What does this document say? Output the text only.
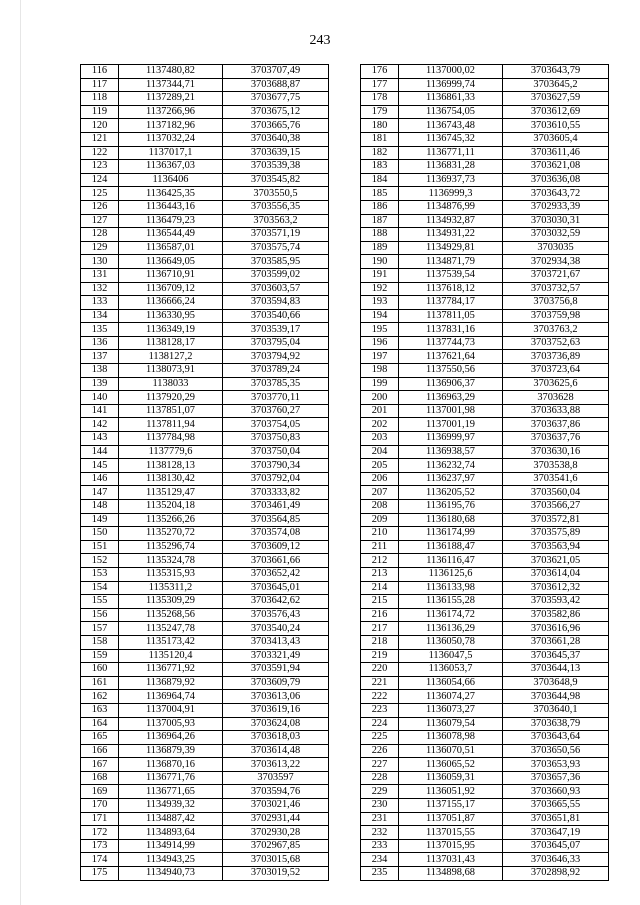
243
116	1137480,82	3703707,49
117	1137344,71	3703688,87
118	1137289,21	3703677,75
119	1137266,96	3703675,12
120	1137182,96	3703665,76
121	1137032,24	3703640,38
122	1137017,1	3703639,15
123	1136367,03	3703539,38
124	1136406	3703545,82
125	1136425,35	3703550,5
126	1136443,16	3703556,35
127	1136479,23	3703563,2
128	1136544,49	3703571,19
129	1136587,01	3703575,74
130	1136649,05	3703585,95
131	1136710,91	3703599,02
132	1136709,12	3703603,57
133	1136666,24	3703594,83
134	1136330,95	3703540,66
135	1136349,19	3703539,17
136	1138128,17	3703795,04
137	1138127,2	3703794,92
138	1138073,91	3703789,24
139	1138033	3703785,35
140	1137920,29	3703770,11
141	1137851,07	3703760,27
142	1137811,94	3703754,05
143	1137784,98	3703750,83
144	1137779,6	3703750,04
145	1138128,13	3703790,34
146	1138130,42	3703792,04
147	1135129,47	3703333,82
148	1135204,18	3703461,49
149	1135266,26	3703564,85
150	1135270,72	3703574,08
151	1135296,74	3703609,12
152	1135324,78	3703661,66
153	1135315,93	3703652,42
154	1135311,2	3703645,01
155	1135309,29	3703642,62
156	1135268,56	3703576,43
157	1135247,78	3703540,24
158	1135173,42	3703413,43
159	1135120,4	3703321,49
160	1136771,92	3703591,94
161	1136879,92	3703609,79
162	1136964,74	3703613,06
163	1137004,91	3703619,16
164	1137005,93	3703624,08
165	1136964,26	3703618,03
166	1136879,39	3703614,48
167	1136870,16	3703613,22
168	1136771,76	3703597
169	1136771,65	3703594,76
170	1134939,32	3703021,46
171	1134887,42	3702931,44
172	1134893,64	3702930,28
173	1134914,99	3702967,85
174	1134943,25	3703015,68
175	1134940,73	3703019,52
176	1137000,02	3703643,79
177	1136999,74	3703645,2
178	1136861,33	3703627,59
179	1136754,05	3703612,69
180	1136743,48	3703610,55
181	1136745,32	3703605,4
182	1136771,11	3703611,46
183	1136831,28	3703621,08
184	1136937,73	3703636,08
185	1136999,3	3703643,72
186	1134876,99	3702933,39
187	1134932,87	3703030,31
188	1134931,22	3703032,59
189	1134929,81	3703035
190	1134871,79	3702934,38
191	1137539,54	3703721,67
192	1137618,12	3703732,57
193	1137784,17	3703756,8
194	1137811,05	3703759,98
195	1137831,16	3703763,2
196	1137744,73	3703752,63
197	1137621,64	3703736,89
198	1137550,56	3703723,64
199	1136906,37	3703625,6
200	1136963,29	3703628
201	1137001,98	3703633,88
202	1137001,19	3703637,86
203	1136999,97	3703637,76
204	1136938,57	3703630,16
205	1136232,74	3703538,8
206	1136237,97	3703541,6
207	1136205,52	3703560,04
208	1136195,76	3703566,27
209	1136180,68	3703572,81
210	1136174,99	3703575,89
211	1136188,47	3703563,94
212	1136116,47	3703621,05
213	1136125,6	3703614,04
214	1136133,98	3703612,32
215	1136155,28	3703593,42
216	1136174,72	3703582,86
217	1136136,29	3703616,96
218	1136050,78	3703661,28
219	1136047,5	3703645,37
220	1136053,7	3703644,13
221	1136054,66	3703648,9
222	1136074,27	3703644,98
223	1136073,27	3703640,1
224	1136079,54	3703638,79
225	1136078,98	3703643,64
226	1136070,51	3703650,56
227	1136065,52	3703653,93
228	1136059,31	3703657,36
229	1136051,92	3703660,93
230	1137155,17	3703665,55
231	1137051,87	3703651,81
232	1137015,55	3703647,19
233	1137015,95	3703645,07
234	1137031,43	3703646,33
235	1134898,68	3702898,92
